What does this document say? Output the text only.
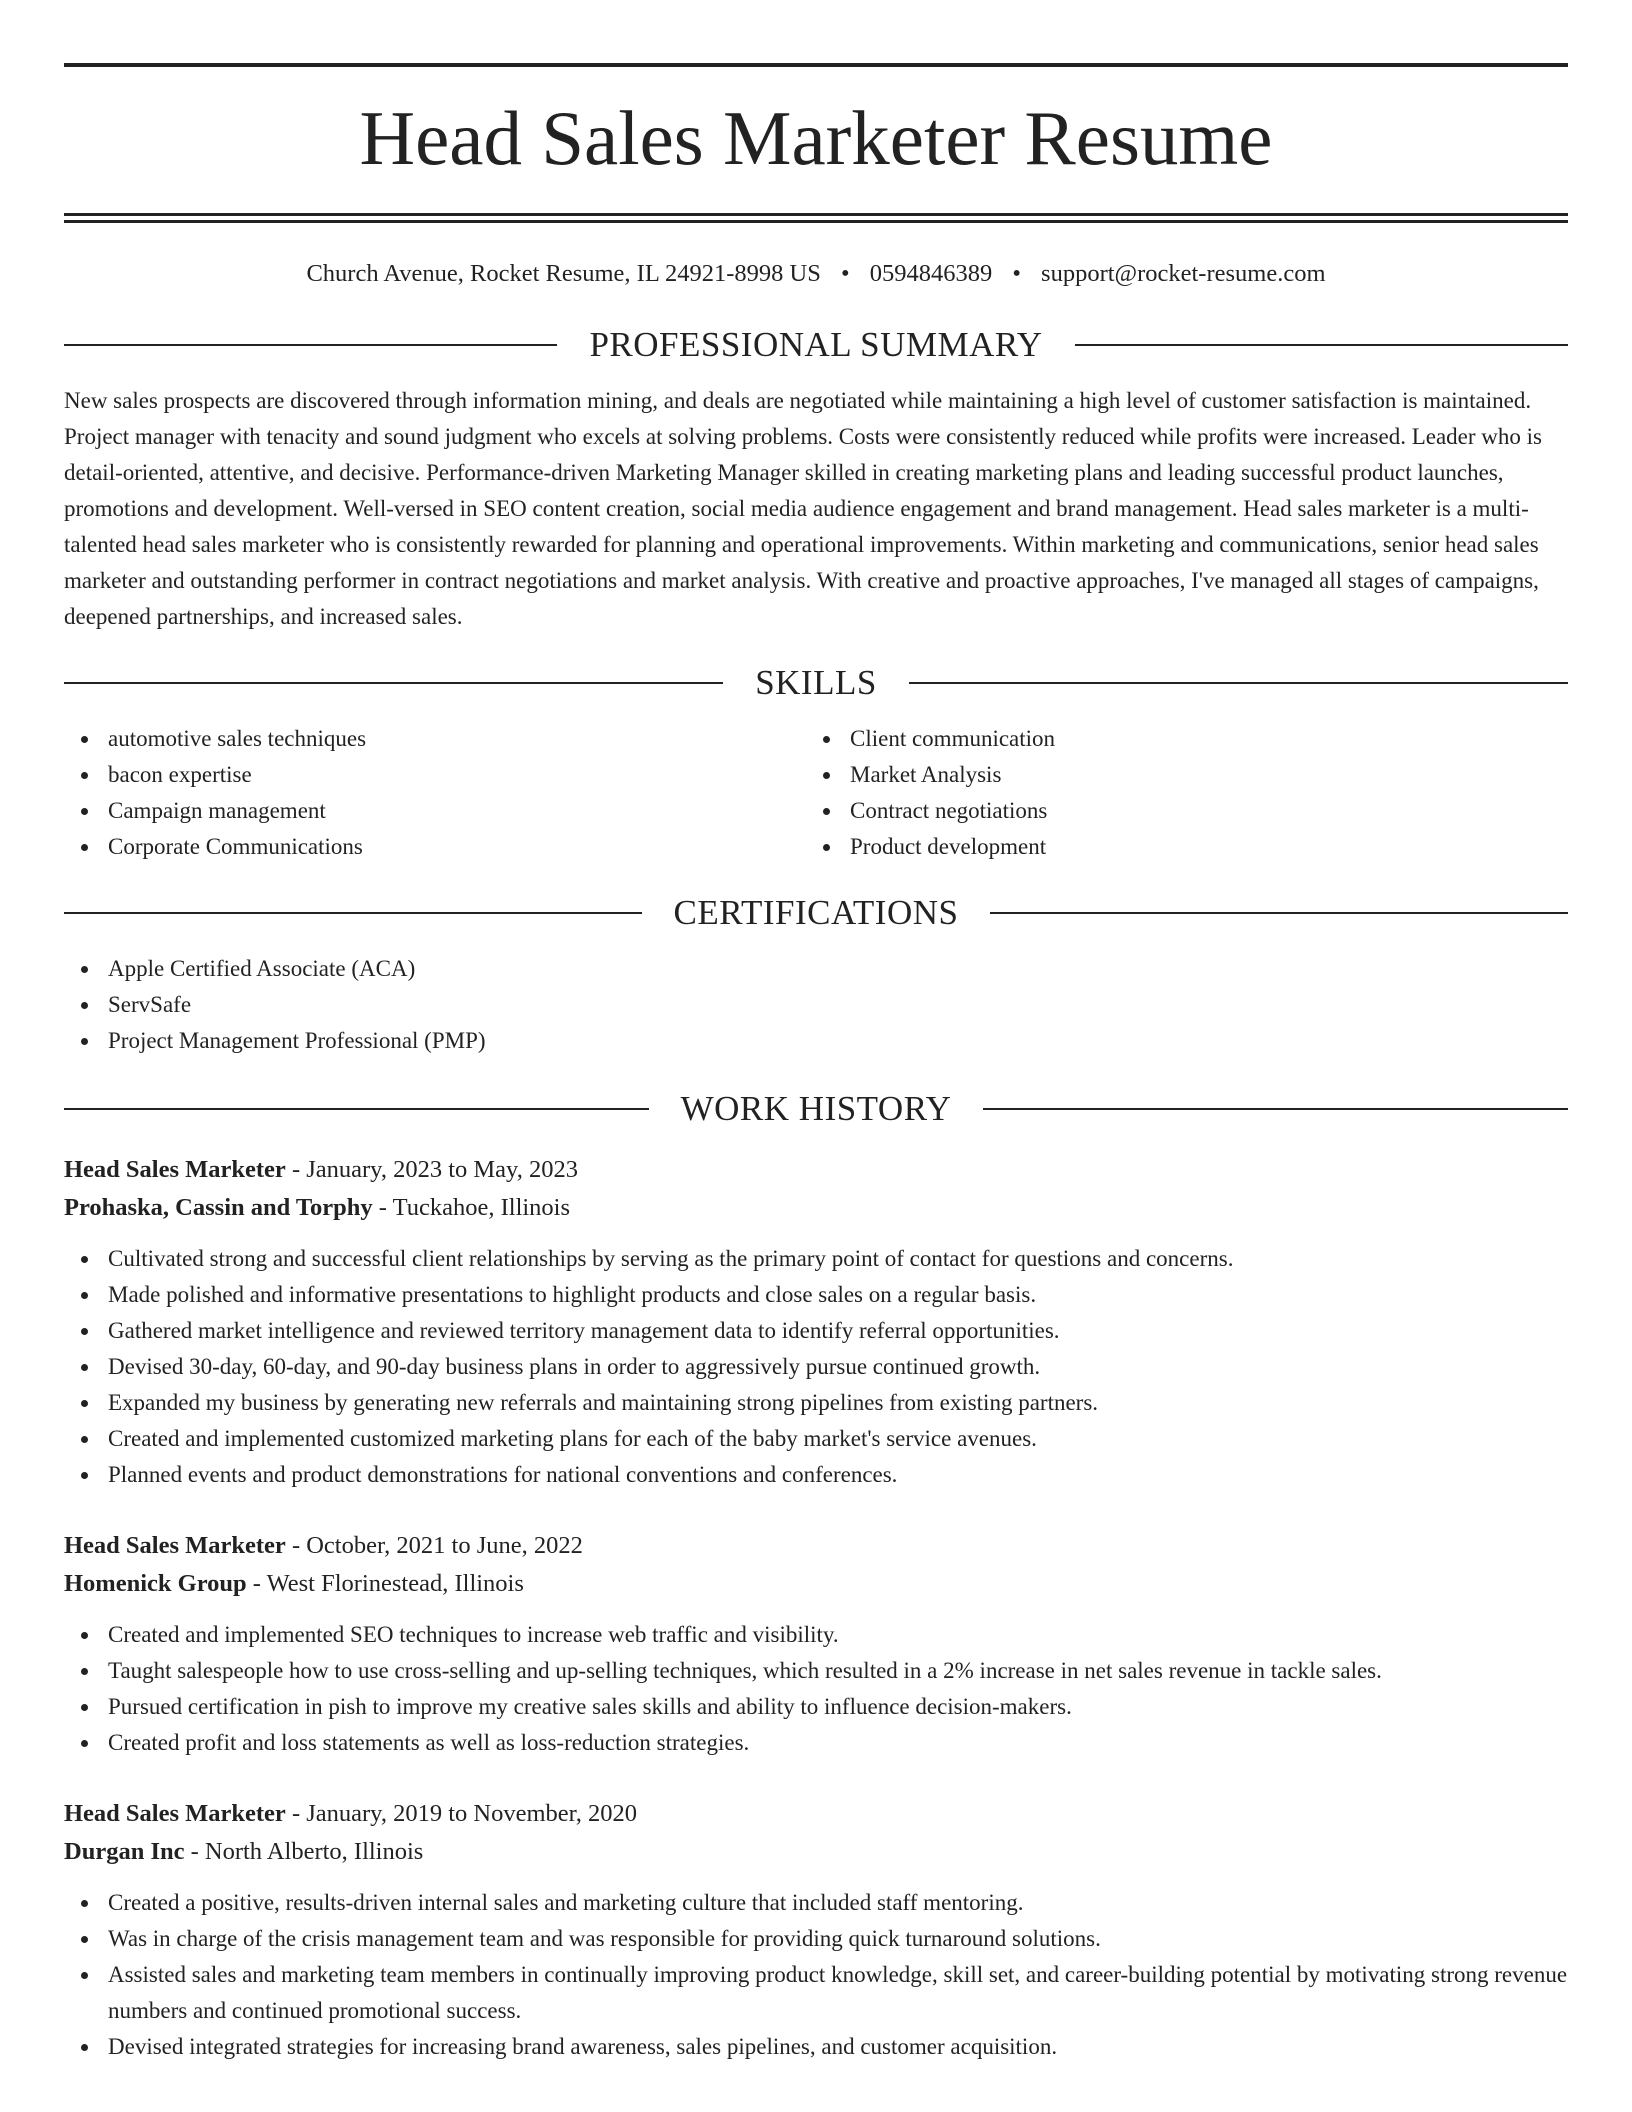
Head Sales Marketer Resume
Church Avenue, Rocket Resume, IL 24921-8998 US • 0594846389 • support@rocket-resume.com
PROFESSIONAL SUMMARY

New sales prospects are discovered through information mining, and deals are negotiated while maintaining a high level of customer satisfaction is maintained. Project manager with tenacity and sound judgment who excels at solving problems. Costs were consistently reduced while profits were increased. Leader who is detail-oriented, attentive, and decisive. Performance-driven Marketing Manager skilled in creating marketing plans and leading successful product launches, promotions and development. Well-versed in SEO content creation, social media audience engagement and brand management. Head sales marketer is a multi-talented head sales marketer who is consistently rewarded for planning and operational improvements. Within marketing and communications, senior head sales marketer and outstanding performer in contract negotiations and market analysis. With creative and proactive approaches, I've managed all stages of campaigns, deepened partnerships, and increased sales.

SKILLS
automotive sales techniques
bacon expertise
Campaign management
Corporate Communications
Client communication
Market Analysis
Contract negotiations
Product development
CERTIFICATIONS
Apple Certified Associate (ACA)
ServSafe
Project Management Professional (PMP)
WORK HISTORY
Head Sales Marketer - January, 2023 to May, 2023
Prohaska, Cassin and Torphy - Tuckahoe, Illinois
Cultivated strong and successful client relationships by serving as the primary point of contact for questions and concerns.
Made polished and informative presentations to highlight products and close sales on a regular basis.
Gathered market intelligence and reviewed territory management data to identify referral opportunities.
Devised 30-day, 60-day, and 90-day business plans in order to aggressively pursue continued growth.
Expanded my business by generating new referrals and maintaining strong pipelines from existing partners.
Created and implemented customized marketing plans for each of the baby market's service avenues.
Planned events and product demonstrations for national conventions and conferences.
Head Sales Marketer - October, 2021 to June, 2022
Homenick Group - West Florinestead, Illinois
Created and implemented SEO techniques to increase web traffic and visibility.
Taught salespeople how to use cross-selling and up-selling techniques, which resulted in a 2% increase in net sales revenue in tackle sales.
Pursued certification in pish to improve my creative sales skills and ability to influence decision-makers.
Created profit and loss statements as well as loss-reduction strategies.
Head Sales Marketer - January, 2019 to November, 2020
Durgan Inc - North Alberto, Illinois
Created a positive, results-driven internal sales and marketing culture that included staff mentoring.
Was in charge of the crisis management team and was responsible for providing quick turnaround solutions.
Assisted sales and marketing team members in continually improving product knowledge, skill set, and career-building potential by motivating strong revenue numbers and continued promotional success.
Devised integrated strategies for increasing brand awareness, sales pipelines, and customer acquisition.
